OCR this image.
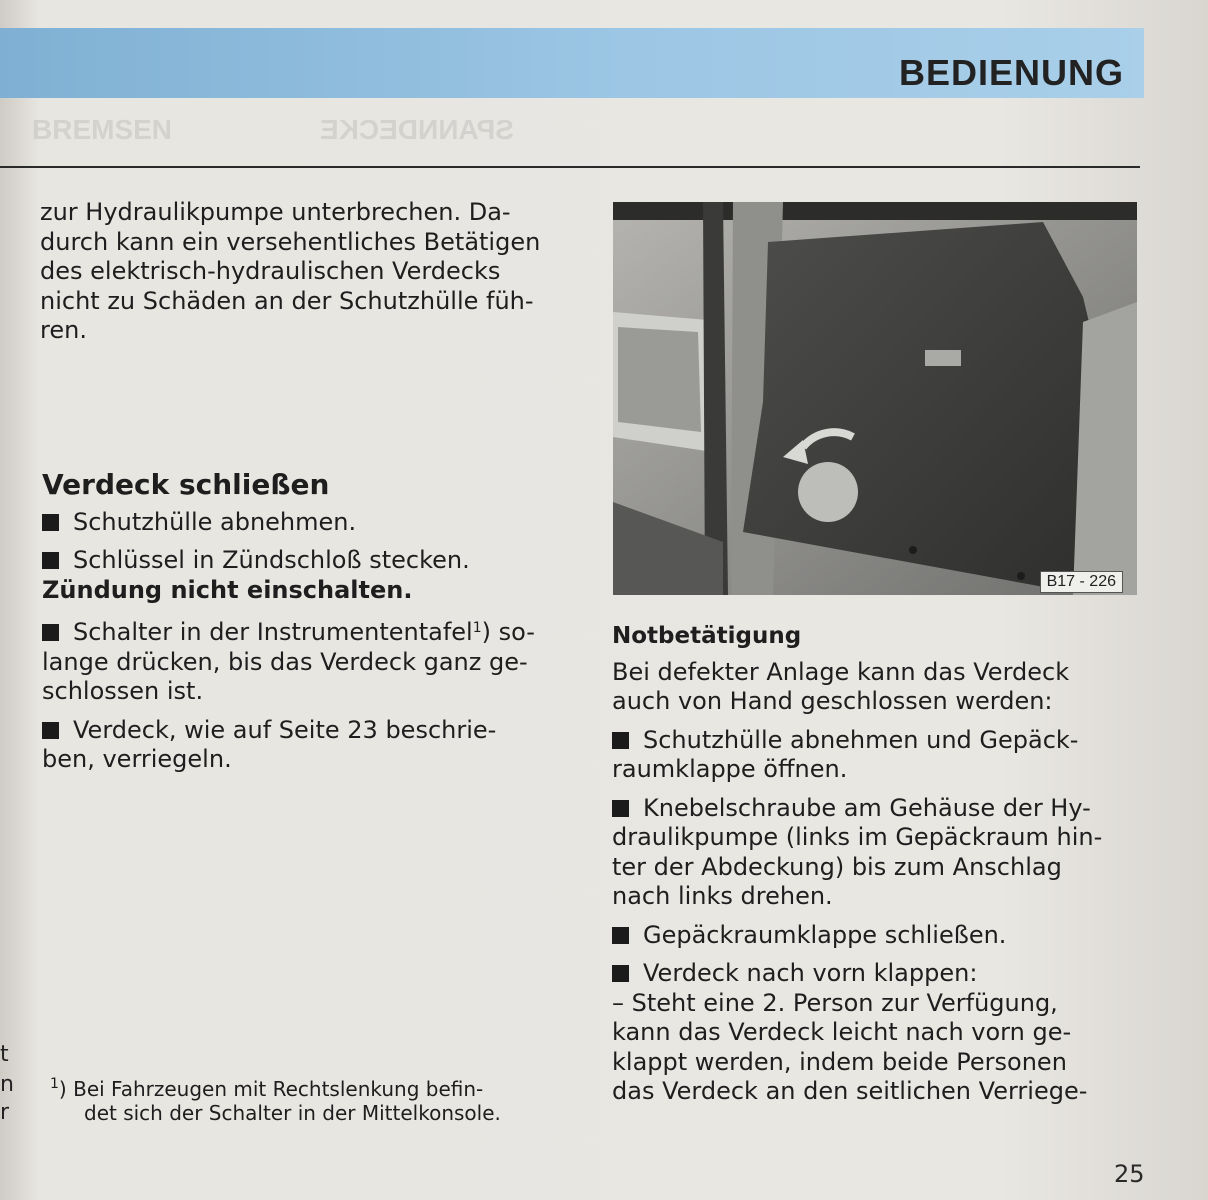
BEDIENUNG
BREMSEN	SPANNDECKE

zur Hydraulikpumpe unterbrechen. Da-

durch kann ein versehentliches Betätigen

des elektrisch-hydraulischen Verdecks

nicht zu Schäden an der Schutzhülle füh-

ren.

Verdeck schließen

Schutzhülle abnehmen.

Schlüssel in Zündschloß stecken.

Zündung nicht einschalten.

Schalter in der Instrumententafel$^1$) so-

lange drücken, bis das Verdeck ganz ge-

schlossen ist.

Verdeck, wie auf Seite 23 beschrie-

ben, verriegeln.

$^1$) Bei Fahrzeugen mit Rechtslenkung befin-

det sich der Schalter in der Mittelkonsole.

B17 - 226
Notbetätigung

Bei defekter Anlage kann das Verdeck

auch von Hand geschlossen werden:

Schutzhülle abnehmen und Gepäck-

raumklappe öffnen.

Knebelschraube am Gehäuse der Hy-

draulikpumpe (links im Gepäckraum hin-

ter der Abdeckung) bis zum Anschlag

nach links drehen.

Gepäckraumklappe schließen.

Verdeck nach vorn klappen:

– Steht eine 2. Person zur Verfügung,

kann das Verdeck leicht nach vorn ge-

klappt werden, indem beide Personen

das Verdeck an den seitlichen Verriege-

t
n
r
25
